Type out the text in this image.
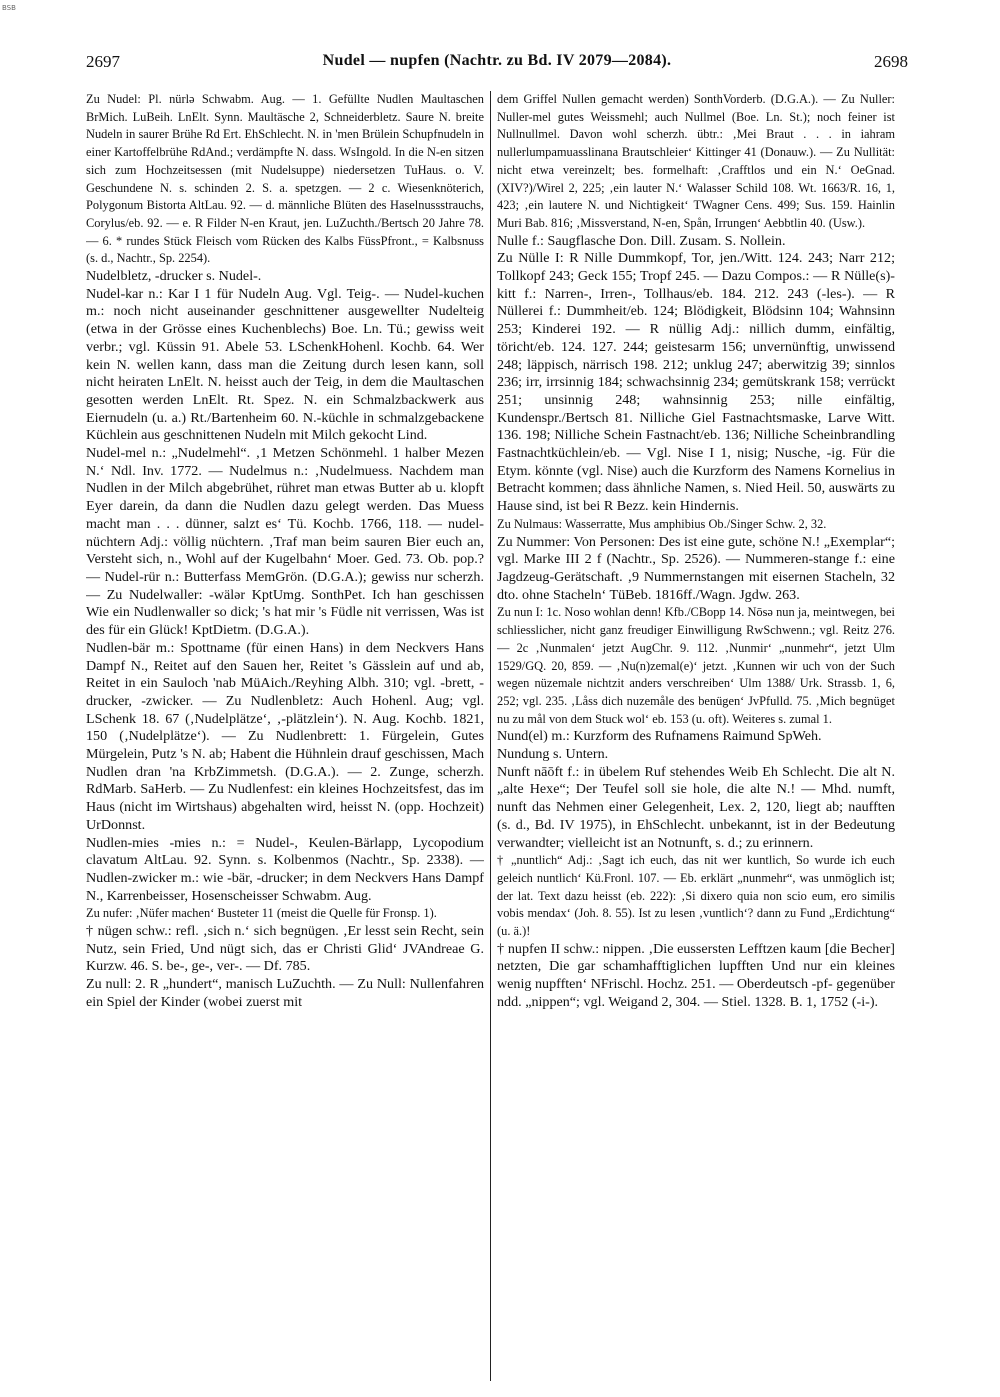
BSB
2697	Nudel — nupfen (Nachtr. zu Bd. IV 2079—2084).	2698

Zu Nudel: Pl. nürlə Schwabm. Aug. — 1. Gefüllte Nudlen Maultaschen BrMich. LuBeih. LnElt. Synn. Maultäsche 2, Schneiderbletz. Saure N. breite Nudeln in saurer Brühe Rd Ert. EhSchlecht. N. in 'men Brülein Schupfnudeln in einer Kartoffelbrühe RdAnd.; verdämpfte N. dass. WsIngold. In die N-en sitzen sich zum Hochzeitsessen (mit Nudelsuppe) niedersetzen TuHaus. o. V. Geschundene N. s. schinden 2. S. a. spetzgen. — 2 c. Wiesenknöterich, Polygonum Bistorta AltLau. 92. — d. männliche Blüten des Haselnussstrauchs, Corylus/eb. 92. — e. R Filder N-en Kraut, jen. LuZuchth./Bertsch 20 Jahre 78. — 6. * rundes Stück Fleisch vom Rücken des Kalbs FüssPfront., = Kalbsnuss (s. d., Nachtr., Sp. 2254).

Nudelbletz, -drucker s. Nudel-.

Nudel-kar n.: Kar I 1 für Nudeln Aug. Vgl. Teig-. — Nudel-kuchen m.: noch nicht auseinander geschnittener ausgewellter Nudelteig (etwa in der Grösse eines Kuchenblechs) Boe. Ln. Tü.; gewiss weit verbr.; vgl. Küssin 91. Abele 53. LSchenkHohenl. Kochb. 64. Wer kein N. wellen kann, dass man die Zeitung durch lesen kann, soll nicht heiraten LnElt. N. heisst auch der Teig, in dem die Maultaschen gesotten werden LnElt. Rt. Spez. N. ein Schmalzbackwerk aus Eiernudeln (u. a.) Rt./Bartenheim 60. N.-küchle in schmalzgebackene Küchlein aus geschnittenen Nudeln mit Milch gekocht Lind.

Nudel-mel n.: „Nudelmehl“. ‚1 Metzen Schönmehl. 1 halber Mezen N.‘ Ndl. Inv. 1772. — Nudelmus n.: ‚Nudelmuess. Nachdem man Nudlen in der Milch abgebrühet, rühret man etwas Butter ab u. klopft Eyer darein, da dann die Nudlen dazu gelegt werden. Das Muess macht man . . . dünner, salzt es‘ Tü. Kochb. 1766, 118. — nudel-nüchtern Adj.: völlig nüchtern. ‚Traf man beim sauren Bier euch an, Versteht sich, n., Wohl auf der Kugelbahn‘ Moer. Ged. 73. Ob. pop.? — Nudel-rür n.: Butterfass MemGrön. (D.G.A.); gewiss nur scherzh. — Zu Nudelwaller: -wälər KptUmg. SonthPet. Ich han geschissen Wie ein Nudlenwaller so dick; 's hat mir 's Füdle nit verrissen, Was ist des für ein Glück! KptDietm. (D.G.A.).

Nudlen-bär m.: Spottname (für einen Hans) in dem Neckvers Hans Dampf N., Reitet auf den Sauen her, Reitet 's Gässlein auf und ab, Reitet in ein Sauloch 'nab MüAich./Reyhing Albh. 310; vgl. -brett, -drucker, -zwicker. — Zu Nudlenbletz: Auch Hohenl. Aug; vgl. LSchenk 18. 67 (‚Nudelplätze‘, ‚-plätzlein‘). N. Aug. Kochb. 1821, 150 (‚Nudelplätze‘). — Zu Nudlenbrett: 1. Fürgelein, Gutes Mürgelein, Putz 's N. ab; Habent die Hühnlein drauf geschissen, Mach Nudlen dran 'na KrbZimmetsh. (D.G.A.). — 2. Zunge, scherzh. RdMarb. SaHerb. — Zu Nudlenfest: ein kleines Hochzeitsfest, das im Haus (nicht im Wirtshaus) abgehalten wird, heisst N. (opp. Hochzeit) UrDonnst.

Nudlen-mies -mies n.: = Nudel-, Keulen-Bärlapp, Lycopodium clavatum AltLau. 92. Synn. s. Kolbenmos (Nachtr., Sp. 2338). — Nudlen-zwicker m.: wie -bär, -drucker; in dem Neckvers Hans Dampf N., Karrenbeisser, Hosenscheisser Schwabm. Aug.

Zu nufer: ‚Nüfer machen‘ Busteter 11 (meist die Quelle für Fronsp. 1).

† nügen schw.: refl. ‚sich n.‘ sich begnügen. ‚Er lesst sein Recht, sein Nutz, sein Fried, Und nügt sich, das er Christi Glid‘ JVAndreae G. Kurzw. 46. S. be-, ge-, ver-. — Df. 785.

Zu null: 2. R „hundert“, manisch LuZuchth. — Zu Null: Nullenfahren ein Spiel der Kinder (wobei zuerst mit

dem Griffel Nullen gemacht werden) SonthVorderb. (D.G.A.). — Zu Nuller: Nuller-mel gutes Weissmehl; auch Nullmel (Boe. Ln. St.); noch feiner ist Nullnullmel. Davon wohl scherzh. übtr.: ‚Mei Braut . . . in iahram nullerlumpamuasslinana Brautschleier‘ Kittinger 41 (Donauw.). — Zu Nullität: nicht etwa vereinzelt; bes. formelhaft: ‚Crafftlos und ein N.‘ OeGnad. (XIV?)/Wirel 2, 225; ‚ein lauter N.‘ Walasser Schild 108. Wt. 1663/R. 16, 1, 423; ‚ein lautere N. und Nichtigkeit‘ TWagner Cens. 499; Sus. 159. Hainlin Muri Bab. 816; ‚Missverstand, N-en, Spån, Irrungen‘ Aebbtlin 40. (Usw.).

Nulle f.: Saugflasche Don. Dill. Zusam. S. Nollein.

Zu Nülle I: R Nille Dummkopf, Tor, jen./Witt. 124. 243; Narr 212; Tollkopf 243; Geck 155; Tropf 245. — Dazu Compos.: — R Nülle(s)-kitt f.: Narren-, Irren-, Tollhaus/eb. 184. 212. 243 (-les-). — R Nüllerei f.: Dummheit/eb. 124; Blödigkeit, Blödsinn 104; Wahnsinn 253; Kinderei 192. — R nüllig Adj.: nillich dumm, einfältig, töricht/eb. 124. 127. 244; geistesarm 156; unvernünftig, unwissend 248; läppisch, närrisch 198. 212; unklug 247; aberwitzig 39; sinnlos 236; irr, irrsinnig 184; schwachsinnig 234; gemütskrank 158; verrückt 251; unsinnig 248; wahnsinnig 253; nille einfältig, Kundenspr./Bertsch 81. Nilliche Giel Fastnachtsmaske, Larve Witt. 136. 198; Nilliche Schein Fastnacht/eb. 136; Nilliche Scheinbrandling Fastnachtküchlein/eb. — Vgl. Nise I 1, nisig; Nusche, -ig. Für die Etym. könnte (vgl. Nise) auch die Kurzform des Namens Kornelius in Betracht kommen; dass ähnliche Namen, s. Nied Heil. 50, auswärts zu Hause sind, ist bei R Bezz. kein Hindernis.

Zu Nulmaus: Wasserratte, Mus amphibius Ob./Singer Schw. 2, 32.

Zu Nummer: Von Personen: Des ist eine gute, schöne N.! „Exemplar“; vgl. Marke III 2 f (Nachtr., Sp. 2526). — Nummeren-stange f.: eine Jagdzeug-Gerätschaft. ‚9 Nummernstangen mit eisernen Stacheln, 32 dto. ohne Stacheln‘ TüBeb. 1816ff./Wagn. Jgdw. 263.

Zu nun I: 1c. Noso wohlan denn! Kfb./CBopp 14. Nōsə nun ja, meintwegen, bei schliesslicher, nicht ganz freudiger Einwilligung RwSchwenn.; vgl. Reitz 276. — 2c ‚Nunmalen‘ jetzt AugChr. 9. 112. ‚Nunmir‘ „nunmehr“, jetzt Ulm 1529/GQ. 20, 859. — ‚Nu(n)zemal(e)‘ jetzt. ‚Kunnen wir uch von der Such wegen nüzemale nichtzit anders verschreiben‘ Ulm 1388/ Urk. Strassb. 1, 6, 252; vgl. 235. ‚Låss dich nuzemåle des benügen‘ JvPfulld. 75. ‚Mich begnüget nu zu mål von dem Stuck wol‘ eb. 153 (u. oft). Weiteres s. zumal 1.

Nund(el) m.: Kurzform des Rufnamens Raimund SpWeh.

Nundung s. Untern.

Nunft nāōft f.: in übelem Ruf stehendes Weib Eh Schlecht. Die alt N. „alte Hexe“; Der Teufel soll sie hole, die alte N.! — Mhd. numft, nunft das Nehmen einer Gelegenheit, Lex. 2, 120, liegt ab; naufften (s. d., Bd. IV 1975), in EhSchlecht. unbekannt, ist in der Bedeutung verwandter; vielleicht ist an Notnunft, s. d.; zu erinnern.

† „nuntlich“ Adj.: ‚Sagt ich euch, das nit wer kuntlich, So wurde ich euch geleich nuntlich‘ Kü.Fronl. 107. — Eb. erklärt „nunmehr“, was unmöglich ist; der lat. Text dazu heisst (eb. 222): ‚Si dixero quia non scio eum, ero similis vobis mendax‘ (Joh. 8. 55). Ist zu lesen ‚vuntlich‘? dann zu Fund „Erdichtung“ (u. ä.)!

† nupfen II schw.: nippen. ‚Die eussersten Lefftzen kaum [die Becher] netzten, Die gar schamhafftiglichen lupfften Und nur ein kleines wenig nupfften‘ NFrischl. Hochz. 251. — Oberdeutsch -pf- gegenüber ndd. „nippen“; vgl. Weigand 2, 304. — Stiel. 1328. B. 1, 1752 (-i-).
